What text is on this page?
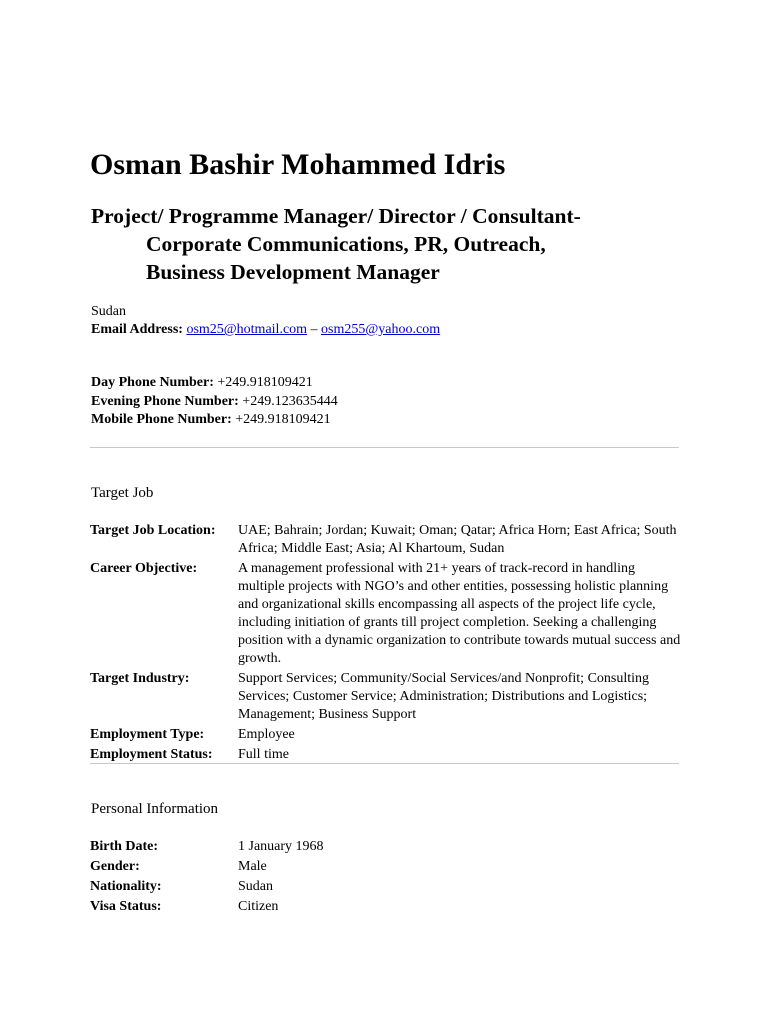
Osman Bashir Mohammed Idris
Project/ Programme Manager/ Director / Consultant-
Corporate Communications, PR, Outreach,
Business Development Manager
Sudan
Email Address: osm25@hotmail.com – osm255@yahoo.com
Day Phone Number: +249.918109421
Evening Phone Number: +249.123635444
Mobile Phone Number: +249.918109421
Target Job
Target Job Location:	UAE; Bahrain; Jordan; Kuwait; Oman; Qatar; Africa Horn; East Africa; South Africa; Middle East; Asia; Al Khartoum, Sudan
Career Objective:	A management professional with 21+ years of track-record in handling multiple projects with NGO’s and other entities, possessing holistic planning and organizational skills encompassing all aspects of the project life cycle, including initiation of grants till project completion. Seeking a challenging position with a dynamic organization to contribute towards mutual success and growth.
Target Industry:	Support Services; Community/Social Services/and Nonprofit; Consulting Services; Customer Service; Administration; Distributions and Logistics; Management; Business Support
Employment Type:	Employee
Employment Status:	Full time
Personal Information
Birth Date:	1 January 1968
Gender:	Male
Nationality:	Sudan
Visa Status:	Citizen
